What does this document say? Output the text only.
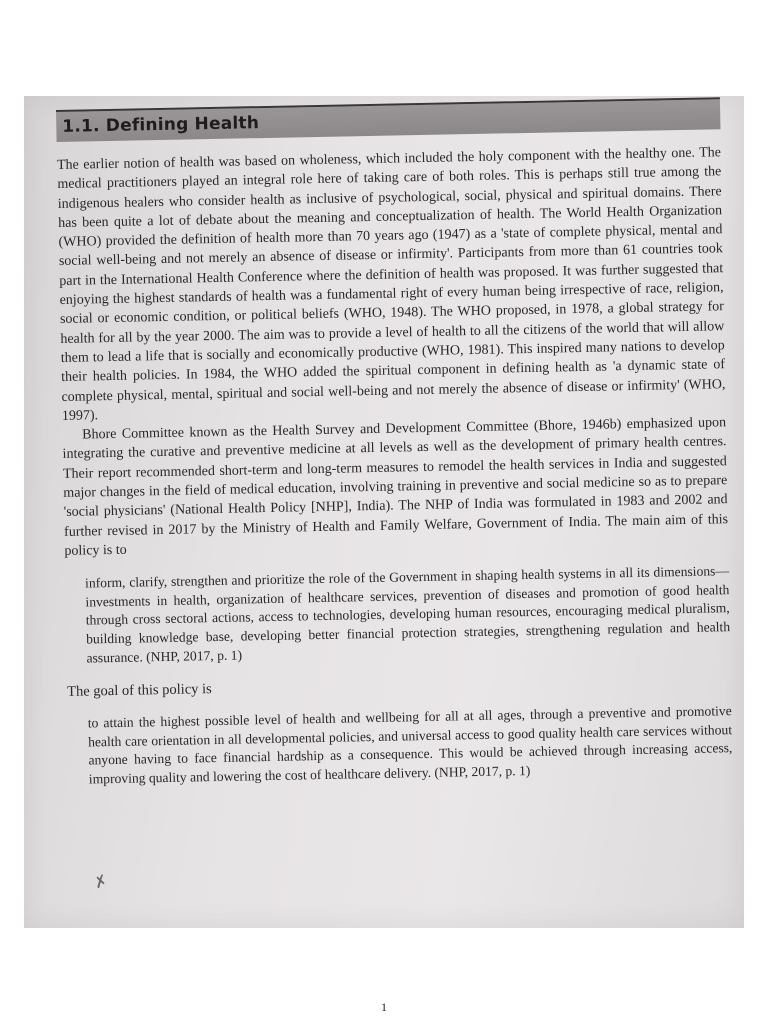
1.1. Defining Health

The earlier notion of health was based on wholeness, which included the holy component with the healthy one. The medical practitioners played an integral role here of taking care of both roles. This is perhaps still true among the indigenous healers who consider health as inclusive of psychological, social, physical and spiritual domains. There has been quite a lot of debate about the meaning and conceptualization of health. The World Health Organization (WHO) provided the definition of health more than 70 years ago (1947) as a 'state of complete physical, mental and social well-being and not merely an absence of disease or infirmity'. Participants from more than 61 countries took part in the International Health Conference where the definition of health was proposed. It was further suggested that enjoying the highest standards of health was a fundamental right of every human being irrespective of race, religion, social or economic condition, or political beliefs (WHO, 1948). The WHO proposed, in 1978, a global strategy for health for all by the year 2000. The aim was to provide a level of health to all the citizens of the world that will allow them to lead a life that is socially and economically productive (WHO, 1981). This inspired many nations to develop their health policies. In 1984, the WHO added the spiritual component in defining health as 'a dynamic state of complete physical, mental, spiritual and social well-being and not merely the absence of disease or infirmity' (WHO, 1997).

Bhore Committee known as the Health Survey and Development Committee (Bhore, 1946b) emphasized upon integrating the curative and preventive medicine at all levels as well as the development of primary health centres. Their report recommended short-term and long-term measures to remodel the health services in India and suggested major changes in the field of medical education, involving training in preventive and social medicine so as to prepare 'social physicians' (National Health Policy [NHP], India). The NHP of India was formulated in 1983 and 2002 and further revised in 2017 by the Ministry of Health and Family Welfare, Government of India. The main aim of this policy is to

inform, clarify, strengthen and prioritize the role of the Government in shaping health systems in all its dimensions—investments in health, organization of healthcare services, prevention of diseases and promotion of good health through cross sectoral actions, access to technologies, developing human resources, encouraging medical pluralism, building knowledge base, developing better financial protection strategies, strengthening regulation and health assurance. (NHP, 2017, p. 1)

The goal of this policy is

to attain the highest possible level of health and wellbeing for all at all ages, through a preventive and promotive health care orientation in all developmental policies, and universal access to good quality health care services without anyone having to face financial hardship as a consequence. This would be achieved through increasing access, improving quality and lowering the cost of healthcare delivery. (NHP, 2017, p. 1)

✗
1
